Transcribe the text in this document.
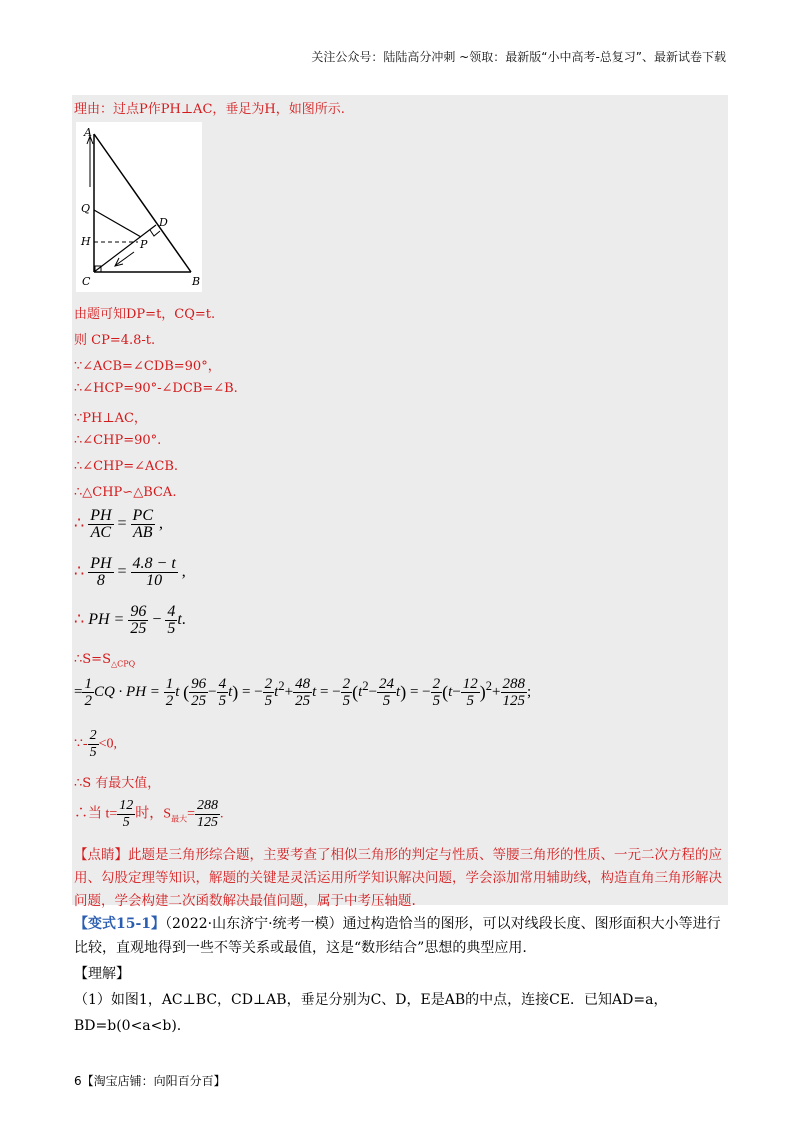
关注公众号：陆陆高分冲刺 ~领取：最新版“小中高考-总复习”、最新试卷下载
理由：过点P作PH⊥AC，垂足为H，如图所示.
A
Q
H
C	B
D
P
由题可知DP=t，CQ=t.
则 CP=4.8-t.
∵∠ACB=∠CDB=90°，
∴∠HCP=90°-∠DCB=∠B.
∵PH⊥AC，
∴∠CHP=90°.
∴∠CHP=∠ACB.
∴△CHP∽△BCA.
∴ $\frac{PH}{AC} = \frac{PC}{AB}$ ,
∴ $\frac{PH}{8} = \frac{4.8 - t}{10}$ ,
∴ PH = $\frac{96}{25} - \frac{4}{5} t$.
$\therefore S=S_{\triangle CPQ}$
= $\frac{1}{2}$ CQ · PH = $\frac{1}{2}$ t ( $\frac{96}{25} - \frac{4}{5} t$) = − $\frac{2}{5} t^2+ \frac{48}{25}$ t = − $\frac{2}{5} (t^2- \frac{24}{5} t)$ = − $\frac{2}{5} (t- \frac{12}{5} )^2+ \frac{288}{125}$ ;
∵- $\frac{2}{5} <0$,
∴S 有最大值，
∴当 $t= \frac{12}{5}$ 时，$S_{最大}= \frac{288}{125}$ .
【点睛】此题是三角形综合题，主要考查了相似三角形的判定与性质、等腰三角形的性质、一元二次方程的应用、勾股定理等知识，解题的关键是灵活运用所学知识解决问题，学会添加常用辅助线，构造直角三角形解决问题，学会构建二次函数解决最值问题，属于中考压轴题.
【变式15-1】（2022·山东济宁·统考一模）通过构造恰当的图形，可以对线段长度、图形面积大小等进行比较，直观地得到一些不等关系或最值，这是“数形结合”思想的典型应用.
【理解】
（1）如图1，AC⊥BC，CD⊥AB，垂足分别为C、D，E是AB的中点，连接CE．已知AD=a，
BD=b(0<a<b).
6【淘宝店铺：向阳百分百】
